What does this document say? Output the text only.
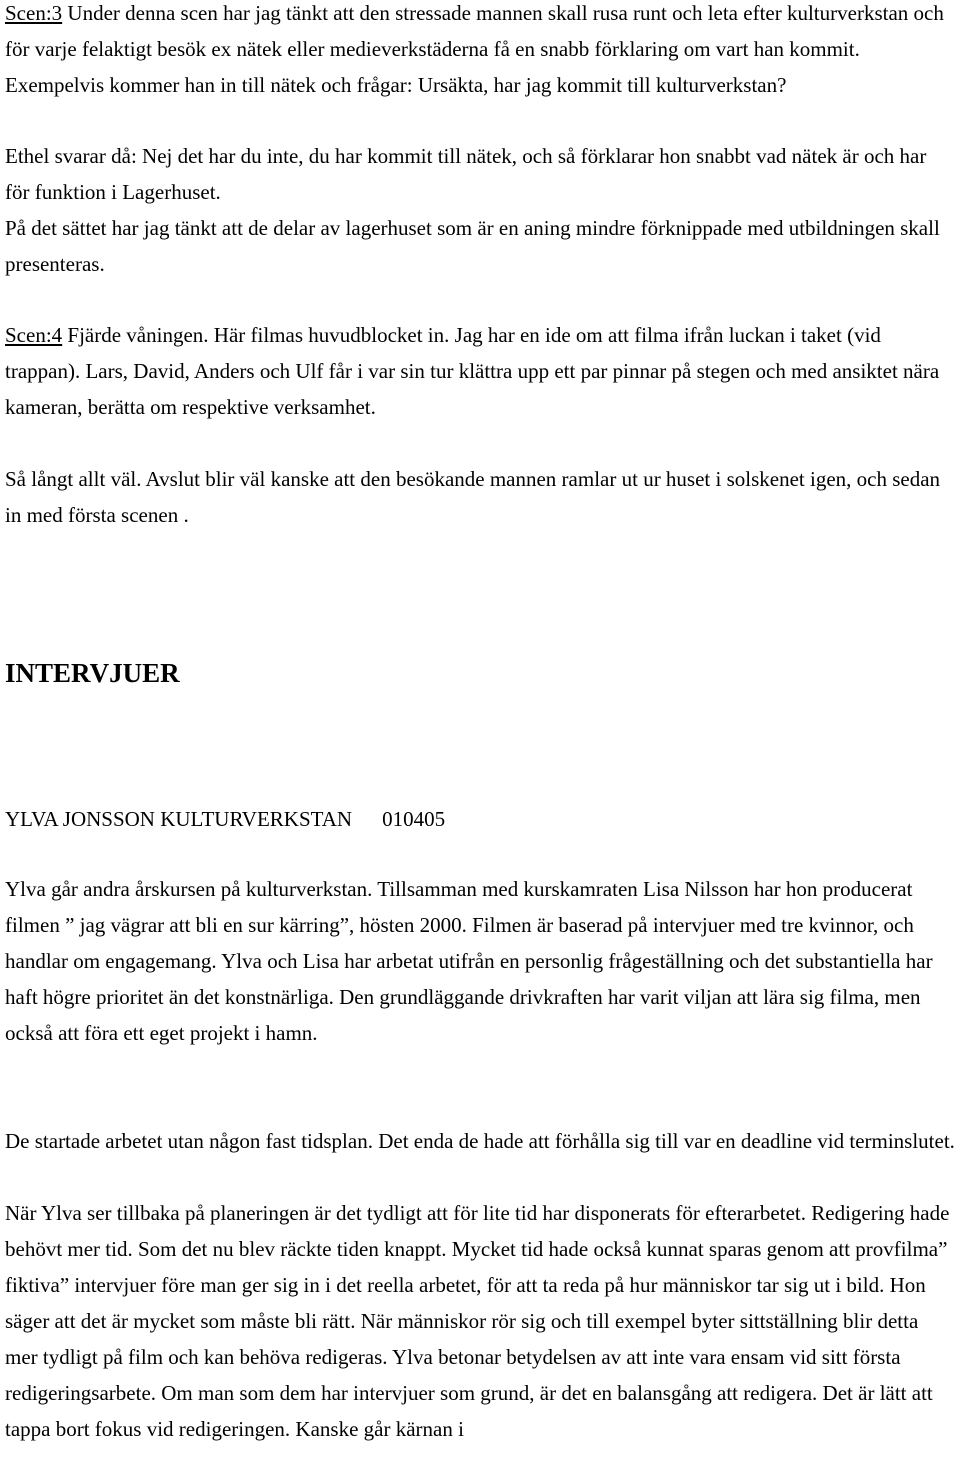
Scen:3 Under denna scen har jag tänkt att den stressade mannen skall rusa runt och leta efter kulturverkstan och för varje felaktigt besök ex nätek eller medieverkstäderna få en snabb förklaring om vart han kommit. Exempelvis kommer han in till nätek och frågar: Ursäkta, har jag kommit till kulturverkstan?

Ethel svarar då: Nej det har du inte, du har kommit till nätek, och så förklarar hon snabbt vad nätek är och har för funktion i Lagerhuset.

På det sättet har jag tänkt att de delar av lagerhuset som är en aning mindre förknippade med utbildningen skall presenteras.

Scen:4 Fjärde våningen. Här filmas huvudblocket in. Jag har en ide om att filma ifrån luckan i taket (vid trappan). Lars, David, Anders och Ulf får i var sin tur klättra upp ett par pinnar på stegen och med ansiktet nära kameran, berätta om respektive verksamhet.

Så långt allt väl. Avslut blir väl kanske att den besökande mannen ramlar ut ur huset i solskenet igen, och sedan in med första scenen .

INTERVJUER

YLVA JONSSON KULTURVERKSTAN 010405

Ylva går andra årskursen på kulturverkstan. Tillsamman med kurskamraten Lisa Nilsson har hon producerat filmen ” jag vägrar att bli en sur kärring”, hösten 2000. Filmen är baserad på intervjuer med tre kvinnor, och handlar om engagemang. Ylva och Lisa har arbetat utifrån en personlig frågeställning och det substantiella har haft högre prioritet än det konstnärliga. Den grundläggande drivkraften har varit viljan att lära sig filma, men också att föra ett eget projekt i hamn.

De startade arbetet utan någon fast tidsplan. Det enda de hade att förhålla sig till var en deadline vid terminslutet.

När Ylva ser tillbaka på planeringen är det tydligt att för lite tid har disponerats för efterarbetet. Redigering hade behövt mer tid. Som det nu blev räckte tiden knappt. Mycket tid hade också kunnat sparas genom att provfilma” fiktiva” intervjuer före man ger sig in i det reella arbetet, för att ta reda på hur människor tar sig ut i bild. Hon säger att det är mycket som måste bli rätt. När människor rör sig och till exempel byter sittställning blir detta mer tydligt på film och kan behöva redigeras. Ylva betonar betydelsen av att inte vara ensam vid sitt första redigeringsarbete. Om man som dem har intervjuer som grund, är det en balansgång att redigera. Det är lätt att tappa bort fokus vid redigeringen. Kanske går kärnan i
